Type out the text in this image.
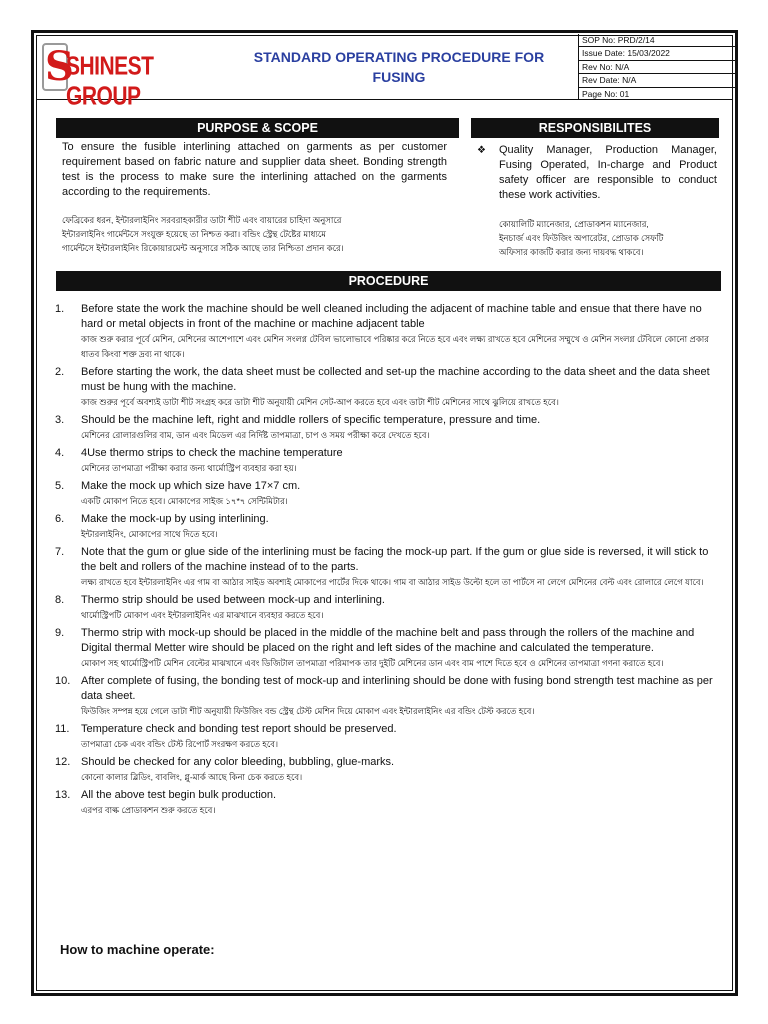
S
SHINEST GROUP
STANDARD OPERATING PROCEDURE FOR
FUSING
SOP No: PRD/2/14
Issue Date: 15/03/2022
Rev No: N/A
Rev Date: N/A
Page No: 01
PURPOSE & SCOPE	RESPONSIBILITES
To ensure the fusible interlining attached on garments as per customer requirement based on fabric nature and supplier data sheet. Bonding strength test is the process to make sure the interlining attached on the garments according to the requirements.
ফেব্রিকের ধরন, ইন্টারলাইনিং সরবরাহকারীর ডাটা শীট এবং বায়ারের চাহিদা অনুসারে
ইন্টারলাইনিং গার্মেন্টসে সংযুক্ত হয়েছে তা নিশ্চত করা। বন্ডিং স্ট্রেন্থ টেষ্টের মাধ্যমে
গার্মেন্টসে ইন্টারলাইনিং রিকোয়ারমেন্ট অনুসারে সঠিক আছে তার নিশ্চিতা প্রদান করে।
❖ Quality Manager, Production Manager, Fusing Operated, In-charge and Product safety officer are responsible to conduct these work activities.
কোয়ালিটি ম্যানেজার, প্রোডাকশন ম্যানেজার,
ইনচার্জ এবং ফিউজিং অপারেটর, প্রোডাক সেফটি
অফিসার কাজটি করার জন্য দায়বদ্ধ থাকবে।
PROCEDURE
1. Before state the work the machine should be well cleaned including the adjacent of machine table and ensue that there have no hard or metal objects in front of the machine or machine adjacent table
কাজ শুরু করার পূর্বে মেশিন, মেশিনের আশেপাশে এবং মেশিন সংলগ্ন টেবিল ভালোভাবে পরিষ্কার করে নিতে হবে এবং লক্ষ্য রাখতে হবে মেশিনের সম্মুখে ও মেশিন সংলগ্ন টেবিলে কোনো প্রকার ধাতব কিংবা শক্ত দ্রব্য না থাকে।
2. Before starting the work, the data sheet must be collected and set-up the machine according to the data sheet and the data sheet must be hung with the machine.
কাজ শুরুর পূর্বে অবশ্যই ডাটা শীট সংগ্রহ করে ডাটা শীট অনুযায়ী মেশিন সেট-আপ করতে হবে এবং ডাটা শীট মেশিনের সাথে ঝুলিয়ে রাখতে হবে।
3. Should be the machine left, right and middle rollers of specific temperature, pressure and time.
মেশিনের রোলারগুলির বাম, ডান এবং মিডেল এর নির্দিষ্ট তাপমাত্রা, চাপ ও সময় পরীক্ষা করে দেখতে হবে।
4. 4Use thermo strips to check the machine temperature
মেশিনের তাপমাত্রা পরীক্ষা করার জন্য থার্মোস্ট্রিপ ব্যবহার করা হয়।
5. Make the mock up which size have 17×7 cm.
একটি মোকাপ নিতে হবে। মোকাপের সাইজ ১৭*৭ সেন্টিমিটার।
6. Make the mock-up by using interlining.
ইন্টারলাইনিং, মোকাপের সাথে দিতে হবে।
7. Note that the gum or glue side of the interlining must be facing the mock-up part. If the gum or glue side is reversed, it will stick to the belt and rollers of the machine instead of to the parts.
লক্ষ্য রাখতে হবে ইন্টারলাইনিং এর গাম বা আঠার সাইড অবশ্যই মোকাপের পার্টের দিকে থাকে। গাম বা আঠার সাইড উল্টো হলে তা পার্টসে না লেগে মেশিনের বেল্ট এবং রোলারে লেগে যাবে।
8. Thermo strip should be used between mock-up and interlining.
থার্মোস্ট্রিপটি মোকাপ এবং ইন্টারলাইনিং এর মাঝখানে ব্যবহার করতে হবে।
9. Thermo strip with mock-up should be placed in the middle of the machine belt and pass through the rollers of the machine and Digital thermal Metter wire should be placed on the right and left sides of the machine and calculated the temperature.
মোকাপ সহ থার্মোস্ট্রিপটি মেশিন বেল্টের মাঝখানে এবং ডিজিটাল তাপমাত্রা পরিমাপক তার দুইটি মেশিনের ডান এবং বাম পাশে দিতে হবে ও মেশিনের তাপমাত্রা গণনা করাতে হবে।
10. After complete of fusing, the bonding test of mock-up and interlining should be done with fusing bond strength test machine as per data sheet.
ফিউজিং সম্পন্ন হয়ে গেলে ডাটা শীট অনুযায়ী ফিউজিং বন্ড স্ট্রেন্থ টেস্ট মেশিন দিয়ে মোকাপ এবং ইন্টারলাইনিং এর বন্ডিং টেস্ট করতে হবে।
11. Temperature check and bonding test report should be preserved.
তাপমাত্রা চেক এবং বন্ডিং টেস্ট রিপোর্ট সংরক্ষণ করতে হবে।
12. Should be checked for any color bleeding, bubbling, glue-marks.
কোনো কালার ব্লিডিং, বাবলিং, গ্লু-মার্ক আছে কিনা চেক করতে হবে।
13. All the above test begin bulk production.
এরপর বাল্ক প্রোডাকশন শুরু করতে হবে।
How to machine operate:
